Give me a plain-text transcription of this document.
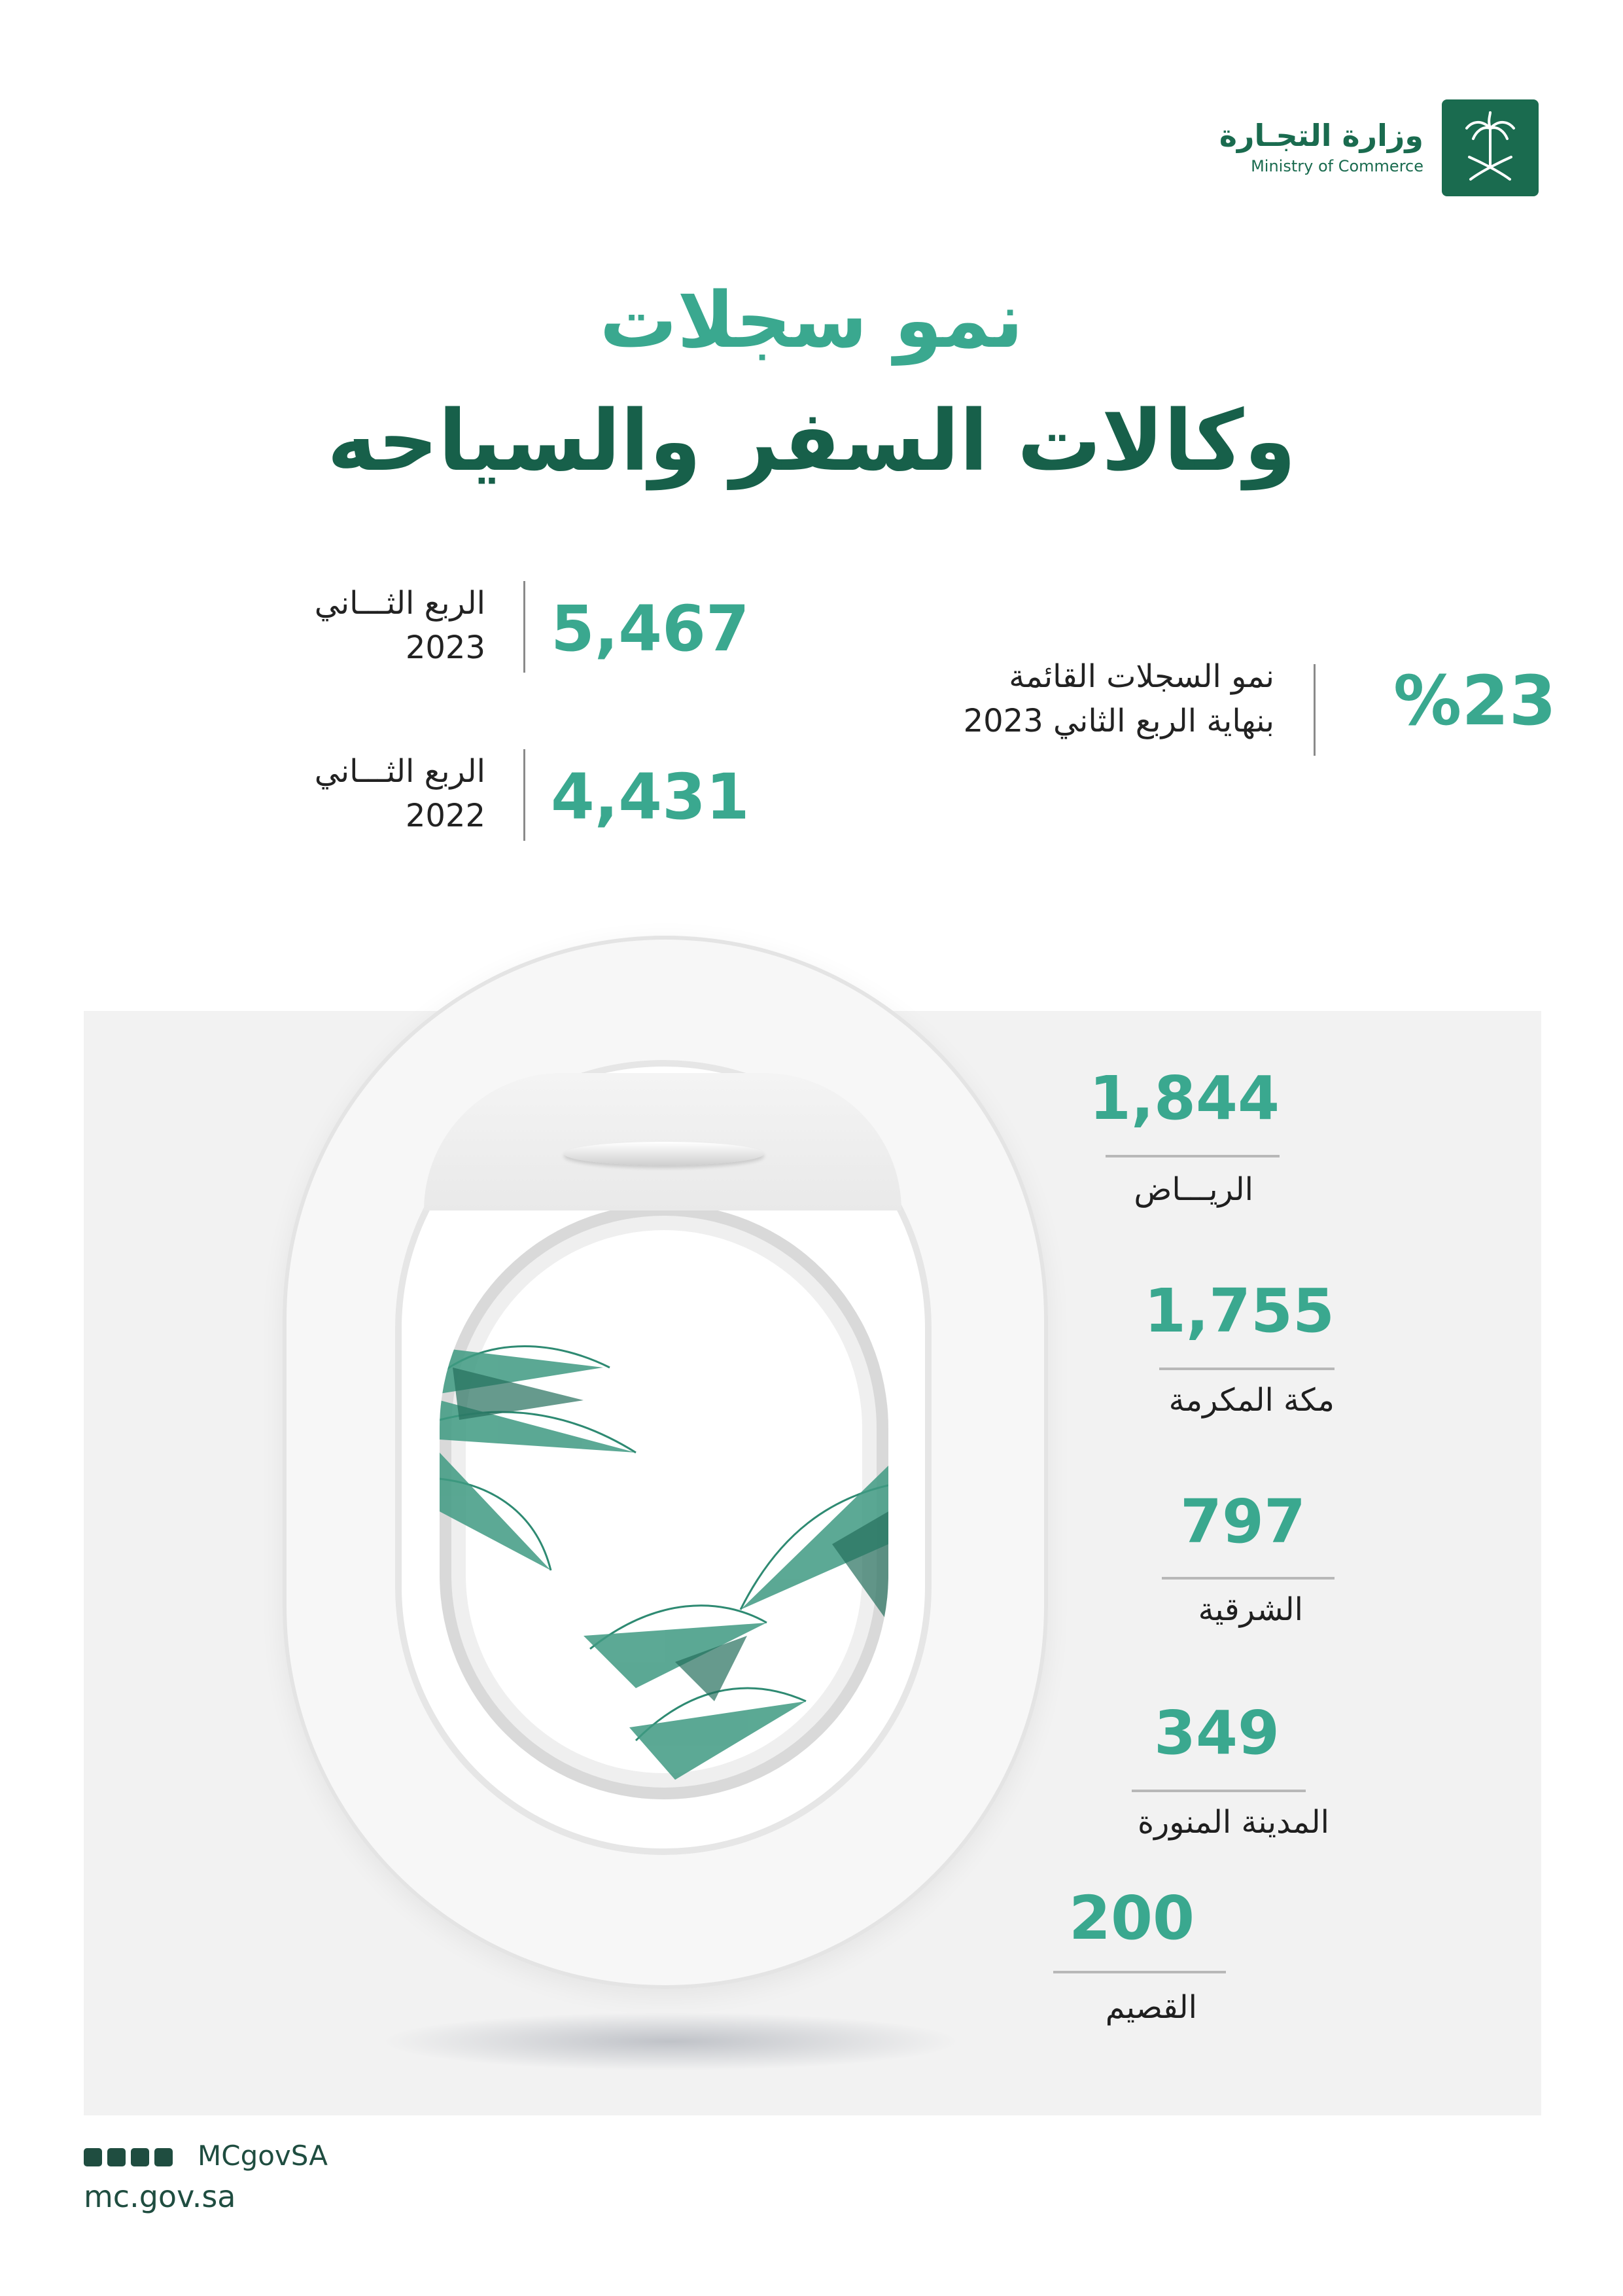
وزارة التجـارة
Ministry of Commerce
نمو سجلات
وكالات السفر والسياحه
5,467
الربع الثـــاني
2023
4,431
الربع الثـــاني
2022
%23
نمو السجلات القائمة
بنهاية الربع الثاني 2023
1,844
الريـــاض
1,755
مكة المكرمة
797
الشرقية
349
المدينة المنورة
200
القصيم
MCgovSA
mc.gov.sa
